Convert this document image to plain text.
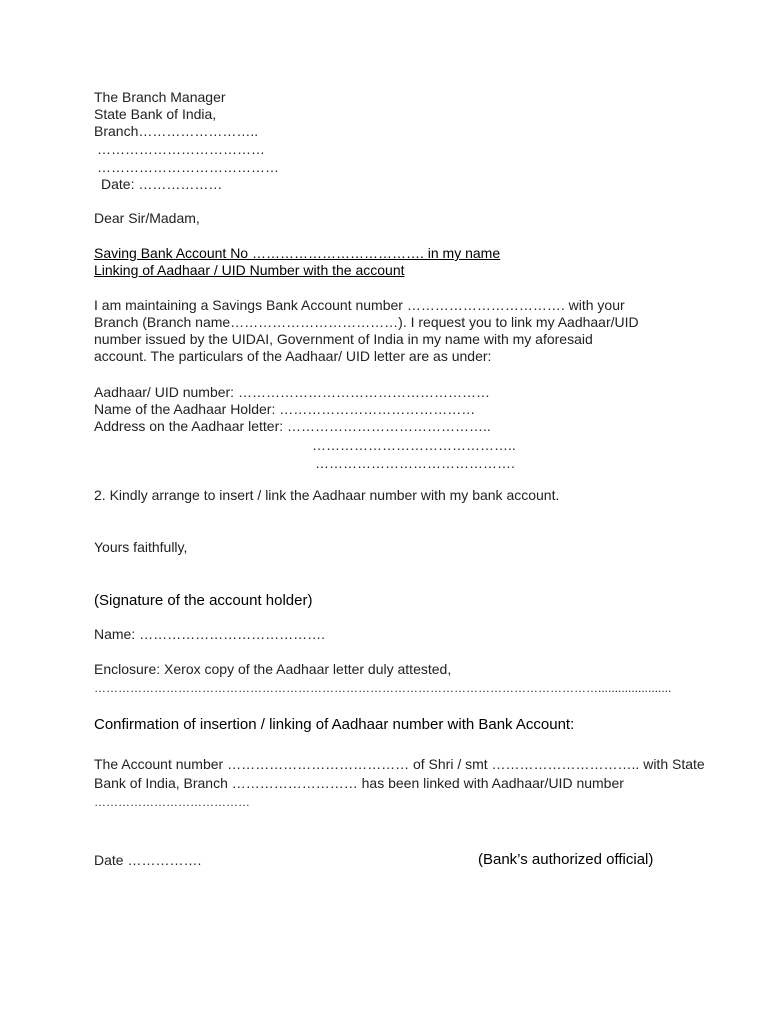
The Branch Manager
State Bank of India,
Branch……………………..
………………………………
…………………………………
Date: ………………
Dear Sir/Madam,
Saving Bank Account No ………………………………. in my name
Linking of Aadhaar / UID Number with the account
I am maintaining a Savings Bank Account number ……………………………. with your
Branch (Branch name………………………………). I request you to link my Aadhaar/UID
number issued by the UIDAI, Government of India in my name with my aforesaid
account. The particulars of the Aadhaar/ UID letter are as under:
Aadhaar/ UID number: ………………………………………………
Name of the Aadhaar Holder: ……………………………………
Address on the Aadhaar letter: ……………………………………..
……………………………………..
…………………………………….
2. Kindly arrange to insert / link the Aadhaar number with my bank account.
Yours faithfully,
(Signature of the account holder)
Name: ………………………………….
Enclosure: Xerox copy of the Aadhaar letter duly attested,
………………………………………………………………………………………………………………......................
Confirmation of insertion / linking of Aadhaar number with Bank Account:
The Account number ………………………………… of Shri / smt ………………………….. with State
Bank of India, Branch ……………………… has been linked with Aadhaar/UID number
…………………………………
Date …………….	(Bank’s authorized official)
